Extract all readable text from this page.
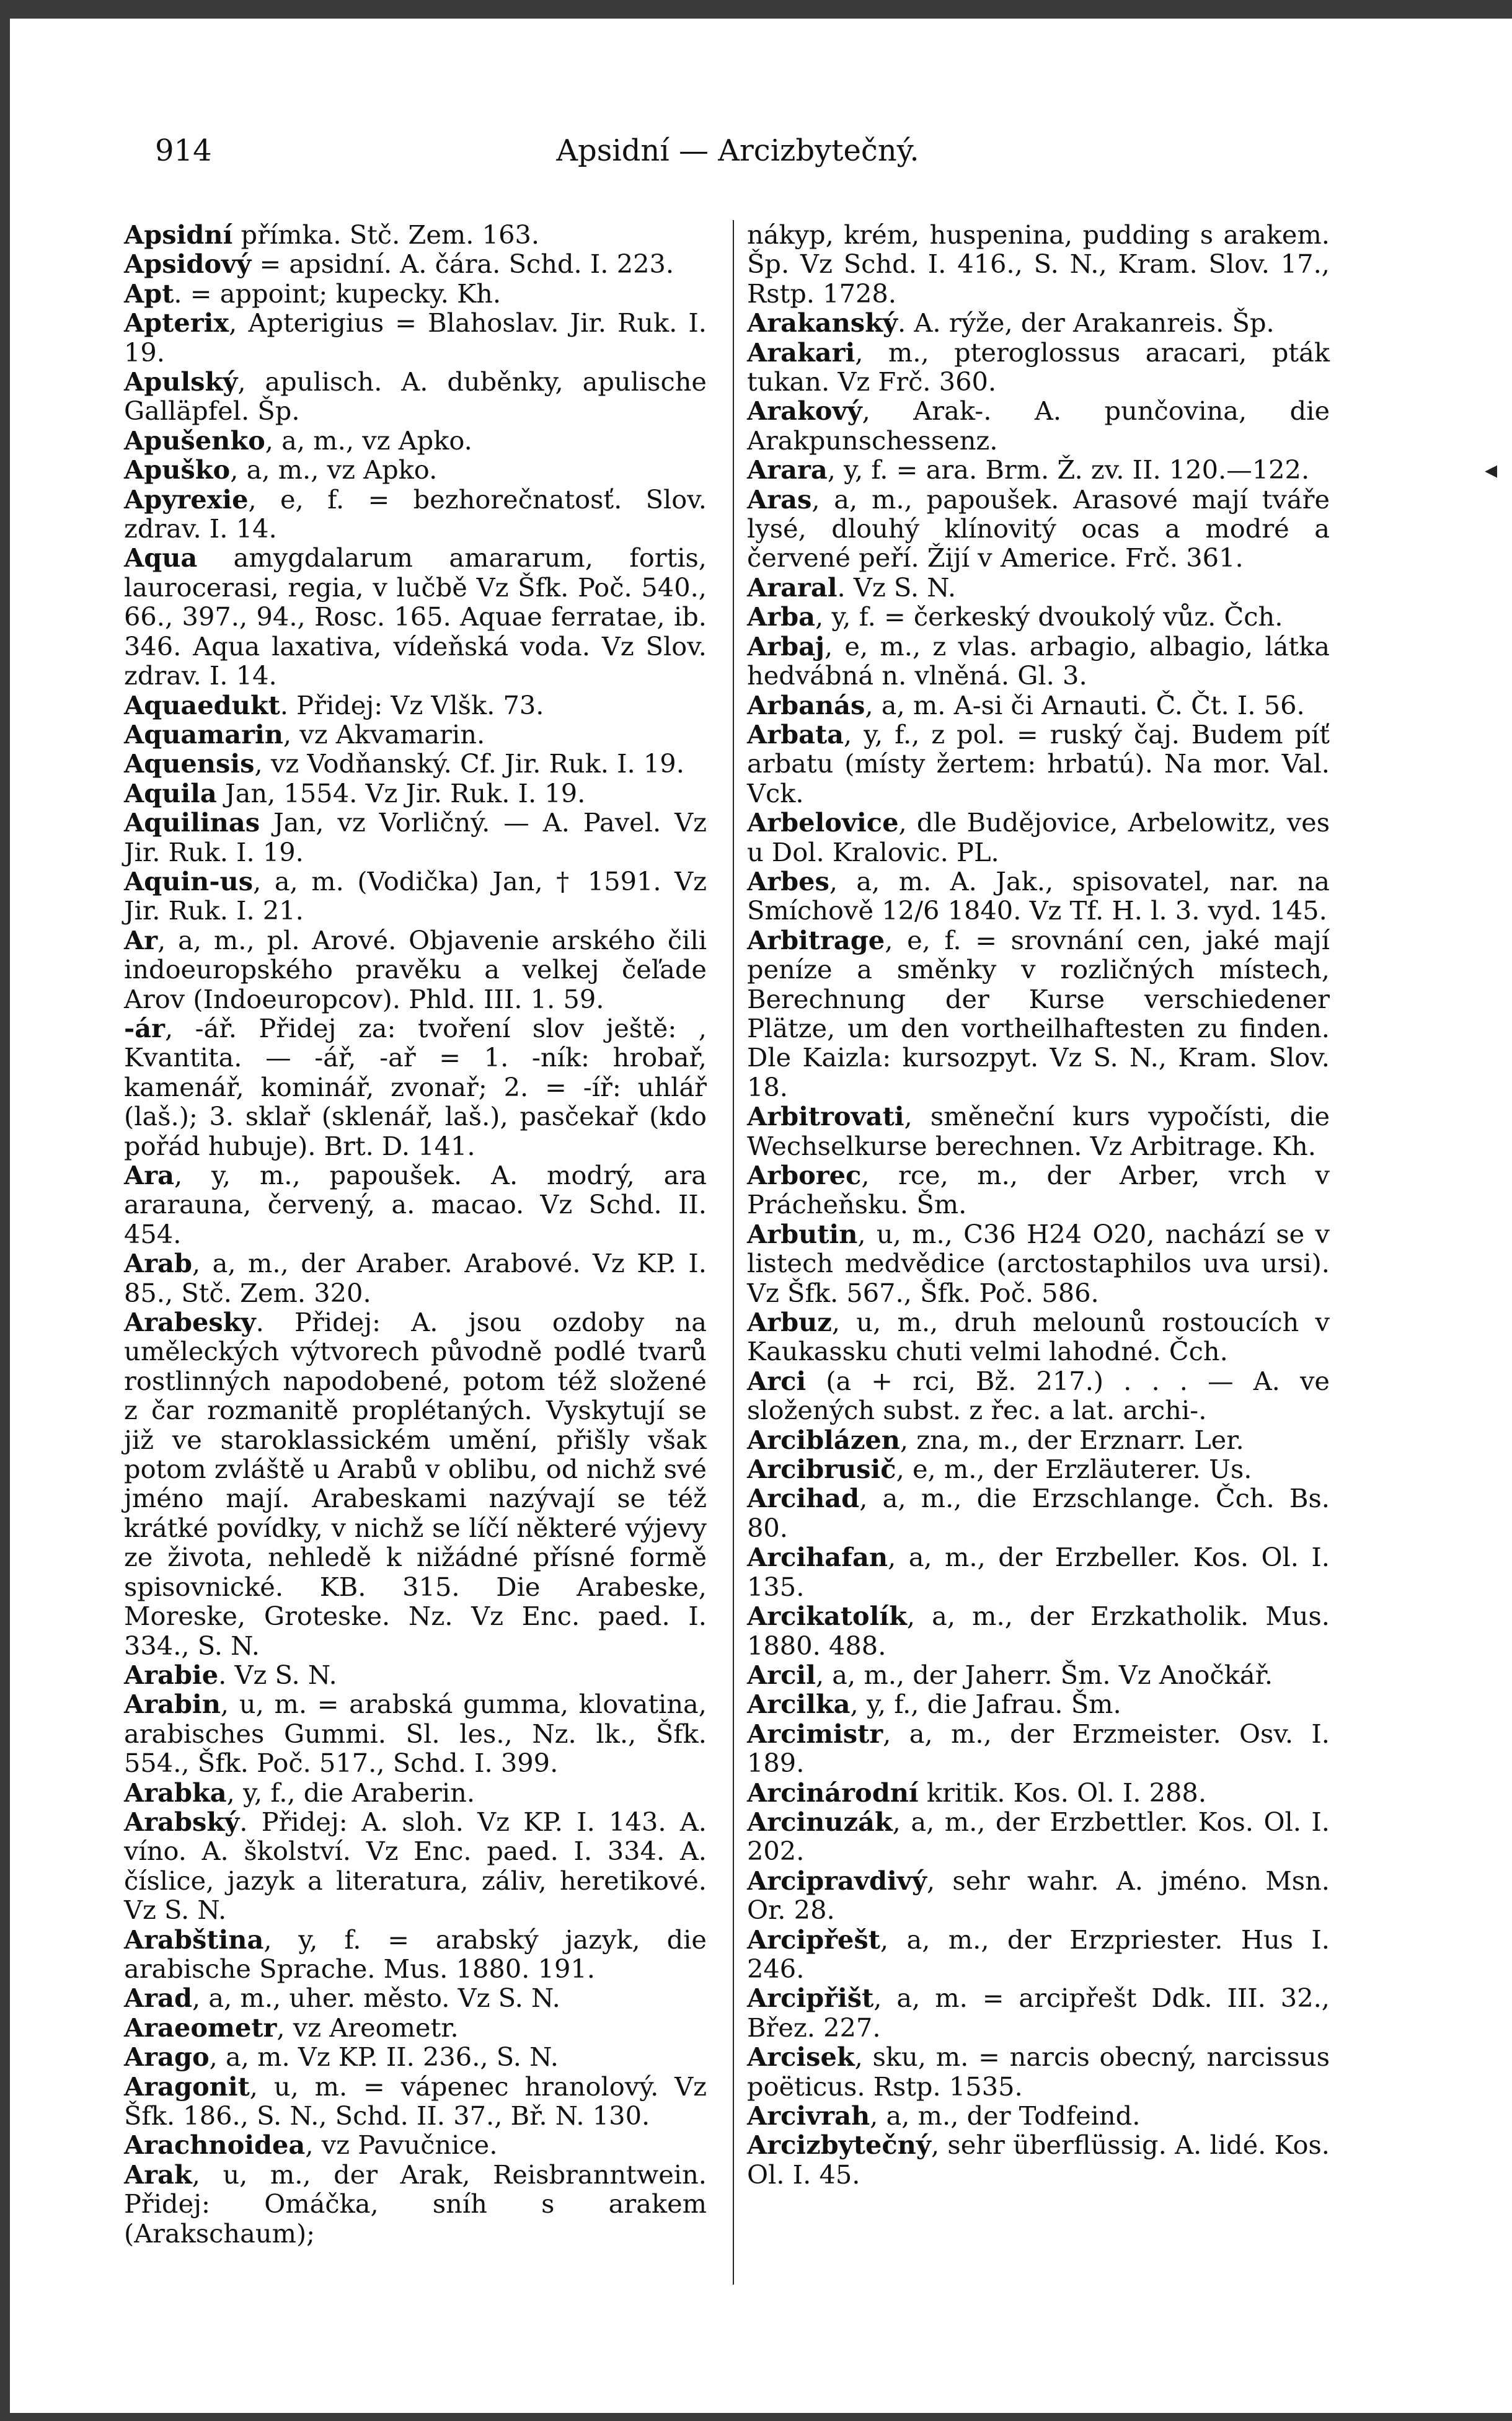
914	Apsidní — Arcizbytečný.

Apsidní přímka. Stč. Zem. 163.

Apsidový = apsidní. A. čára. Schd. I. 223.

Apt. = appoint; kupecky. Kh.

Apterix, Apterigius = Blahoslav. Jir. Ruk. I. 19.

Apulský, apulisch. A. duběnky, apulische Galläpfel. Šp.

Apušenko, a, m., vz Apko.

Apuško, a, m., vz Apko.

Apyrexie, e, f. = bezhorečnatosť. Slov. zdrav. I. 14.

Aqua amygdalarum amararum, fortis, laurocerasi, regia, v lučbě Vz Šfk. Poč. 540., 66., 397., 94., Rosc. 165. Aquae ferratae, ib. 346. Aqua laxativa, vídeňská voda. Vz Slov. zdrav. I. 14.

Aquaedukt. Přidej: Vz Vlšk. 73.

Aquamarin, vz Akvamarin.

Aquensis, vz Vodňanský. Cf. Jir. Ruk. I. 19.

Aquila Jan, 1554. Vz Jir. Ruk. I. 19.

Aquilinas Jan, vz Vorličný. — A. Pavel. Vz Jir. Ruk. I. 19.

Aquin-us, a, m. (Vodička) Jan, † 1591. Vz Jir. Ruk. I. 21.

Ar, a, m., pl. Arové. Objavenie arského čili indoeuropského pravěku a velkej čeľade Arov (Indoeuropcov). Phld. III. 1. 59.

-ár, -ář. Přidej za: tvoření slov ještě: , Kvantita. — -ář, -ař = 1. -ník: hrobař, kamenář, kominář, zvonař; 2. = -íř: uhlář (laš.); 3. sklař (sklenář, laš.), pasčekař (kdo pořád hubuje). Brt. D. 141.

Ara, y, m., papoušek. A. modrý, ara ararauna, červený, a. macao. Vz Schd. II. 454.

Arab, a, m., der Araber. Arabové. Vz KP. I. 85., Stč. Zem. 320.

Arabesky. Přidej: A. jsou ozdoby na uměleckých výtvorech původně podlé tvarů rostlinných napodobené, potom též složené z čar rozmanitě proplétaných. Vyskytují se již ve staroklassickém umění, přišly však potom zvláště u Arabů v oblibu, od nichž své jméno mají. Arabeskami nazývají se též krátké povídky, v nichž se líčí některé výjevy ze života, nehledě k nižádné přísné formě spisovnické. KB. 315. Die Arabeske, Moreske, Groteske. Nz. Vz Enc. paed. I. 334., S. N.

Arabie. Vz S. N.

Arabin, u, m. = arabská gumma, klovatina, arabisches Gummi. Sl. les., Nz. lk., Šfk. 554., Šfk. Poč. 517., Schd. I. 399.

Arabka, y, f., die Araberin.

Arabský. Přidej: A. sloh. Vz KP. I. 143. A. víno. A. školství. Vz Enc. paed. I. 334. A. číslice, jazyk a literatura, záliv, heretikové. Vz S. N.

Arabština, y, f. = arabský jazyk, die arabische Sprache. Mus. 1880. 191.

Arad, a, m., uher. město. Vz S. N.

Araeometr, vz Areometr.

Arago, a, m. Vz KP. II. 236., S. N.

Aragonit, u, m. = vápenec hranolový. Vz Šfk. 186., S. N., Schd. II. 37., Bř. N. 130.

Arachnoidea, vz Pavučnice.

Arak, u, m., der Arak, Reisbranntwein. Přidej: Omáčka, sníh s arakem (Arakschaum);

nákyp, krém, huspenina, pudding s arakem. Šp. Vz Schd. I. 416., S. N., Kram. Slov. 17., Rstp. 1728.

Arakanský. A. rýže, der Arakanreis. Šp.

Arakari, m., pteroglossus aracari, pták tukan. Vz Frč. 360.

Arakový, Arak-. A. punčovina, die Arakpunschessenz.

Arara, y, f. = ara. Brm. Ž. zv. II. 120.—122.

Aras, a, m., papoušek. Arasové mají tváře lysé, dlouhý klínovitý ocas a modré a červené peří. Žijí v Americe. Frč. 361.

Araral. Vz S. N.

Arba, y, f. = čerkeský dvoukolý vůz. Čch.

Arbaj, e, m., z vlas. arbagio, albagio, látka hedvábná n. vlněná. Gl. 3.

Arbanás, a, m. A-si či Arnauti. Č. Čt. I. 56.

Arbata, y, f., z pol. = ruský čaj. Budem píť arbatu (místy žertem: hrbatú). Na mor. Val. Vck.

Arbelovice, dle Budějovice, Arbelowitz, ves u Dol. Kralovic. PL.

Arbes, a, m. A. Jak., spisovatel, nar. na Smíchově 12/6 1840. Vz Tf. H. l. 3. vyd. 145.

Arbitrage, e, f. = srovnání cen, jaké mají peníze a směnky v rozličných místech, Berechnung der Kurse verschiedener Plätze, um den vortheilhaftesten zu finden. Dle Kaizla: kursozpyt. Vz S. N., Kram. Slov. 18.

Arbitrovati, směneční kurs vypočísti, die Wechselkurse berechnen. Vz Arbitrage. Kh.

Arborec, rce, m., der Arber, vrch v Prácheňsku. Šm.

Arbutin, u, m., C36 H24 O20, nachází se v listech medvědice (arctostaphilos uva ursi). Vz Šfk. 567., Šfk. Poč. 586.

Arbuz, u, m., druh melounů rostoucích v Kaukassku chuti velmi lahodné. Čch.

Arci (a + rci, Bž. 217.) . . . — A. ve složených subst. z řec. a lat. archi-.

Arciblázen, zna, m., der Erznarr. Ler.

Arcibrusič, e, m., der Erzläuterer. Us.

Arcihad, a, m., die Erzschlange. Čch. Bs. 80.

Arcihafan, a, m., der Erzbeller. Kos. Ol. I. 135.

Arcikatolík, a, m., der Erzkatholik. Mus. 1880. 488.

Arcil, a, m., der Jaherr. Šm. Vz Anočkář.

Arcilka, y, f., die Jafrau. Šm.

Arcimistr, a, m., der Erzmeister. Osv. I. 189.

Arcinárodní kritik. Kos. Ol. I. 288.

Arcinuzák, a, m., der Erzbettler. Kos. Ol. I. 202.

Arcipravdivý, sehr wahr. A. jméno. Msn. Or. 28.

Arcipřešt, a, m., der Erzpriester. Hus I. 246.

Arcipřišt, a, m. = arcipřešt Ddk. III. 32., Břez. 227.

Arcisek, sku, m. = narcis obecný, narcissus poëticus. Rstp. 1535.

Arcivrah, a, m., der Todfeind.

Arcizbytečný, sehr überflüssig. A. lidé. Kos. Ol. I. 45.

◂
